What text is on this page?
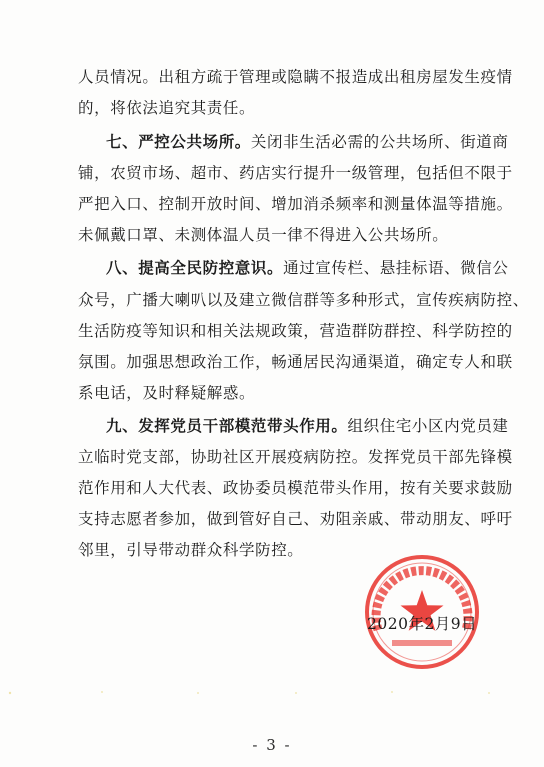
人员情况。出租方疏于管理或隐瞒不报造成出租房屋发生疫情
的，将依法追究其责任。
七、严控公共场所。关闭非生活必需的公共场所、街道商
铺，农贸市场、超市、药店实行提升一级管理，包括但不限于
严把入口、控制开放时间、增加消杀频率和测量体温等措施。
未佩戴口罩、未测体温人员一律不得进入公共场所。
八、提高全民防控意识。通过宣传栏、悬挂标语、微信公
众号，广播大喇叭以及建立微信群等多种形式，宣传疾病防控、
生活防疫等知识和相关法规政策，营造群防群控、科学防控的
氛围。加强思想政治工作，畅通居民沟通渠道，确定专人和联
系电话，及时释疑解惑。
九、发挥党员干部模范带头作用。组织住宅小区内党员建
立临时党支部，协助社区开展疫病防控。发挥党员干部先锋模
范作用和人大代表、政协委员模范带头作用，按有关要求鼓励
支持志愿者参加，做到管好自己、劝阻亲戚、带动朋友、呼吁
邻里，引导带动群众科学防控。
2020年2月9日
- 3 -
